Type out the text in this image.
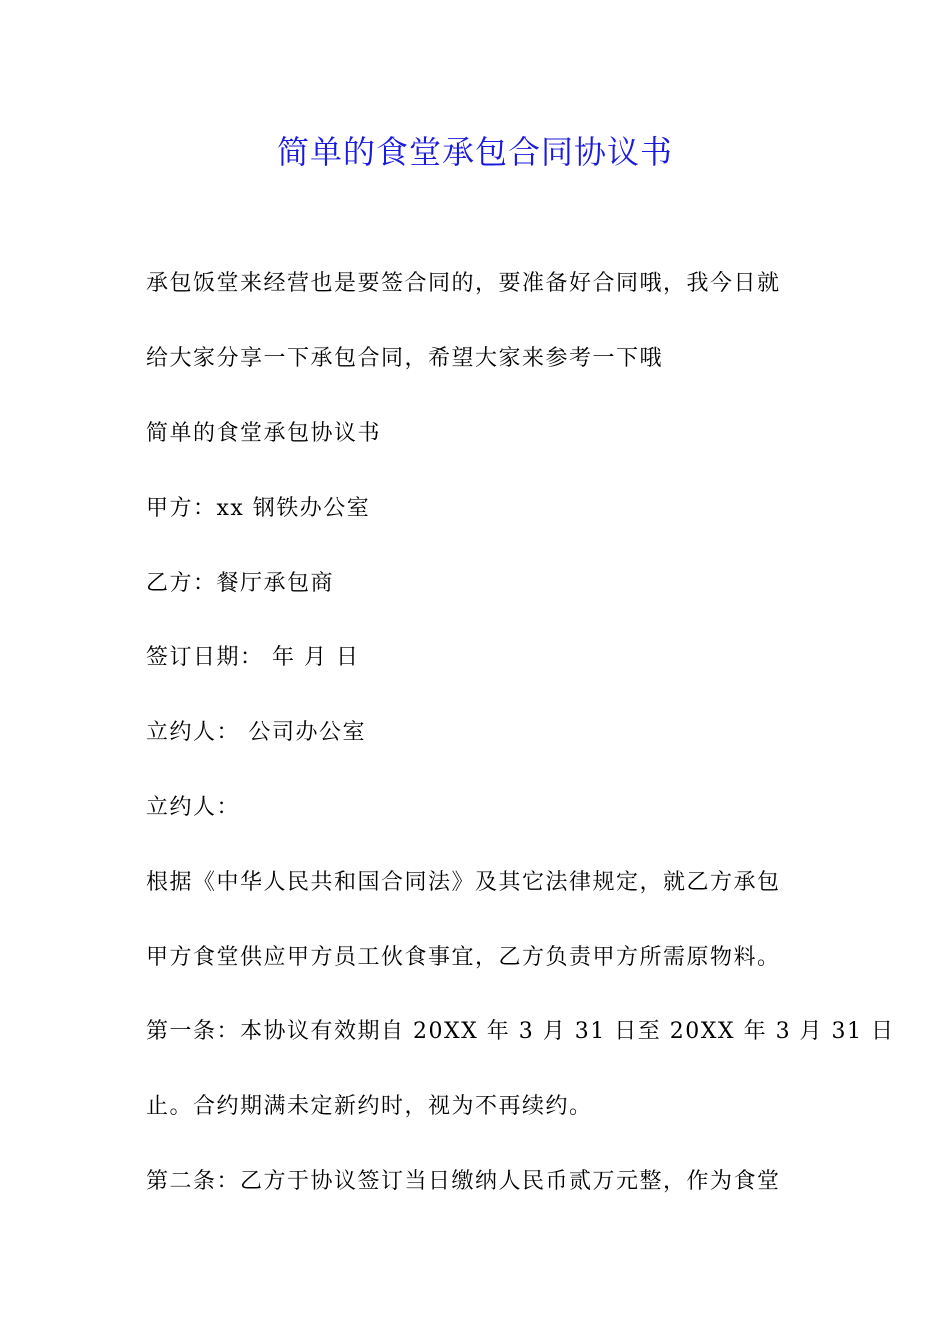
简单的食堂承包合同协议书
承包饭堂来经营也是要签合同的，要准备好合同哦，我今日就
给大家分享一下承包合同，希望大家来参考一下哦
简单的食堂承包协议书
甲方：xx 钢铁办公室
乙方：餐厅承包商
签订日期： 年 月 日
立约人： 公司办公室
立约人：
根据《中华人民共和国合同法》及其它法律规定，就乙方承包
甲方食堂供应甲方员工伙食事宜，乙方负责甲方所需原物料。
第一条：本协议有效期自 20XX 年 3 月 31 日至 20XX 年 3 月 31 日
止。合约期满未定新约时，视为不再续约。
第二条：乙方于协议签订当日缴纳人民币贰万元整，作为食堂
